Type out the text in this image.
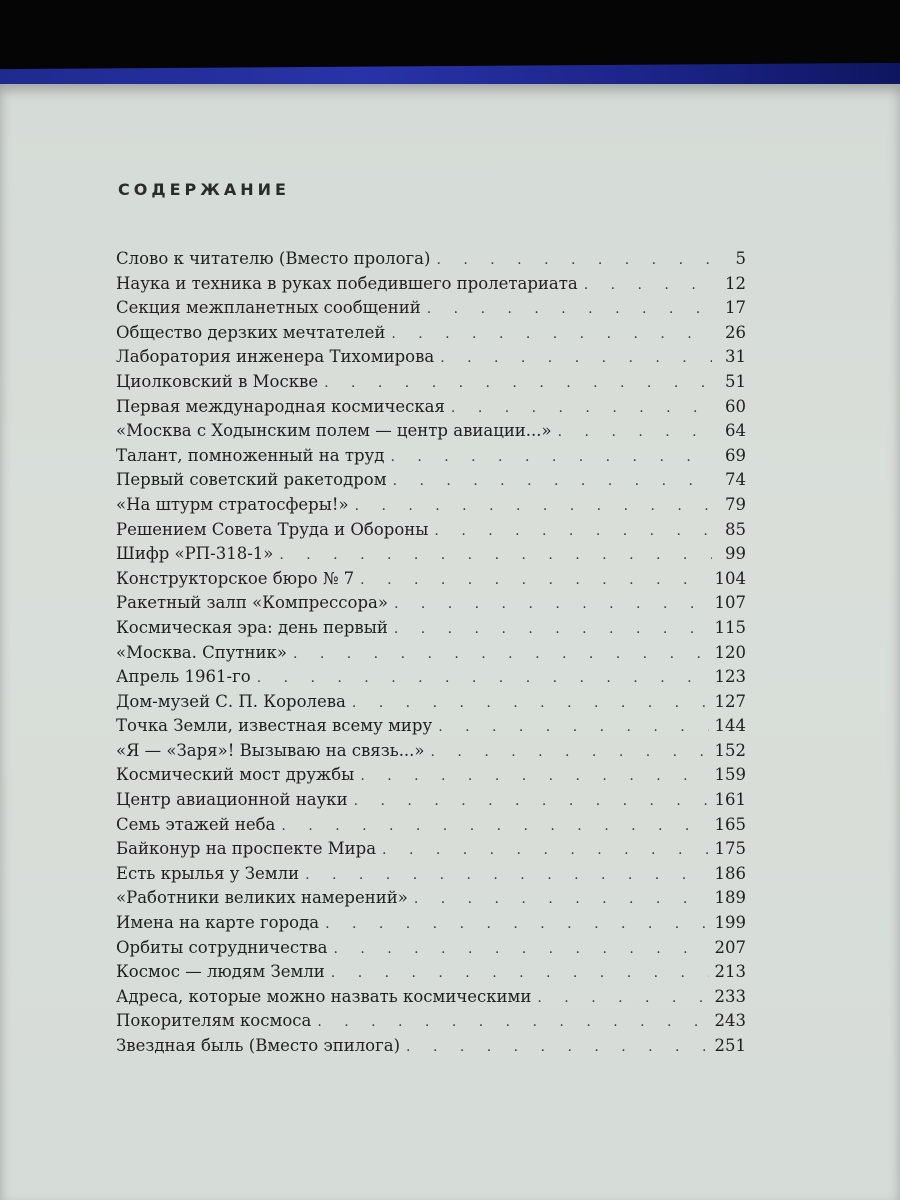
СОДЕРЖАНИЕ
Слово к читателю (Вместо пролога) . . .	5
Наука и техника в руках победившего пролетариата . . .	12
Секция межпланетных сообщений . . .	17
Общество дерзких мечтателей . . .	26
Лаборатория инженера Тихомирова . . .	31
Циолковский в Москве . . .	51
Первая международная космическая . . .	60
«Москва с Ходынским полем — центр авиации...» . . .	64
Талант, помноженный на труд . . .	69
Первый советский ракетодром . . .	74
«На штурм стратосферы!» . . .	79
Решением Совета Труда и Обороны . . .	85
Шифр «РП-318-1» . . .	99
Конструкторское бюро № 7 . . .	104
Ракетный залп «Компрессора» . . .	107
Космическая эра: день первый . . .	115
«Москва. Спутник» . . .	120
Апрель 1961-го . . .	123
Дом-музей С. П. Королева . . .	127
Точка Земли, известная всему миру . . .	144
«Я — «Заря»! Вызываю на связь...» . . .	152
Космический мост дружбы . . .	159
Центр авиационной науки . . .	161
Семь этажей неба . . .	165
Байконур на проспекте Мира . . .	175
Есть крылья у Земли . . .	186
«Работники великих намерений» . . .	189
Имена на карте города . . .	199
Орбиты сотрудничества . . .	207
Космос — людям Земли . . .	213
Адреса, которые можно назвать космическими . . .	233
Покорителям космоса . . .	243
Звездная быль (Вместо эпилога) . . .	251
